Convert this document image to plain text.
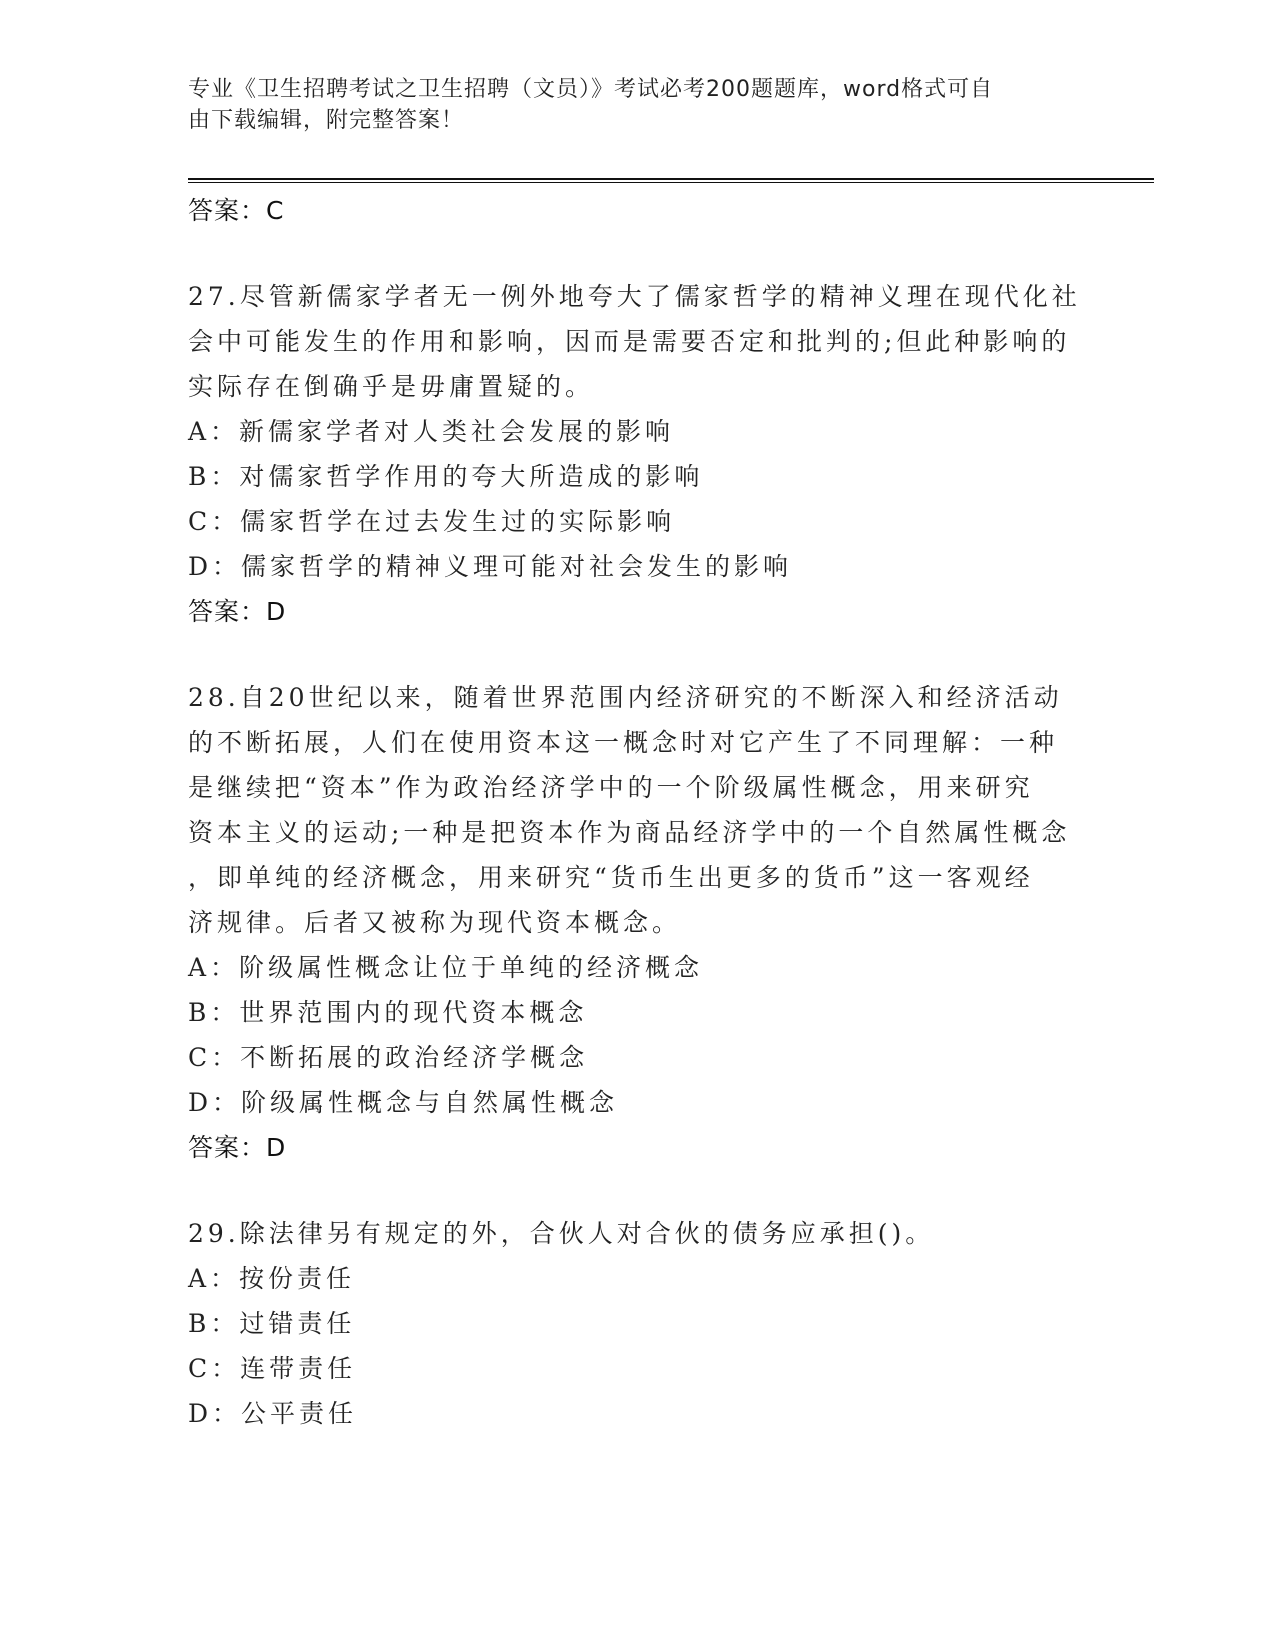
专业《卫生招聘考试之卫生招聘（文员）》考试必考200题题库，word格式可自
由下载编辑，附完整答案！
答案：C

27.尽管新儒家学者无一例外地夸大了儒家哲学的精神义理在现代化社

会中可能发生的作用和影响，因而是需要否定和批判的;但此种影响的

实际存在倒确乎是毋庸置疑的。

A：新儒家学者对人类社会发展的影响

B：对儒家哲学作用的夸大所造成的影响

C：儒家哲学在过去发生过的实际影响

D：儒家哲学的精神义理可能对社会发生的影响

答案：D

28.自20世纪以来，随着世界范围内经济研究的不断深入和经济活动

的不断拓展，人们在使用资本这一概念时对它产生了不同理解：一种

是继续把“资本”作为政治经济学中的一个阶级属性概念，用来研究

资本主义的运动;一种是把资本作为商品经济学中的一个自然属性概念

，即单纯的经济概念，用来研究“货币生出更多的货币”这一客观经

济规律。后者又被称为现代资本概念。

A：阶级属性概念让位于单纯的经济概念

B：世界范围内的现代资本概念

C：不断拓展的政治经济学概念

D：阶级属性概念与自然属性概念

答案：D

29.除法律另有规定的外，合伙人对合伙的债务应承担()。

A：按份责任

B：过错责任

C：连带责任

D：公平责任
